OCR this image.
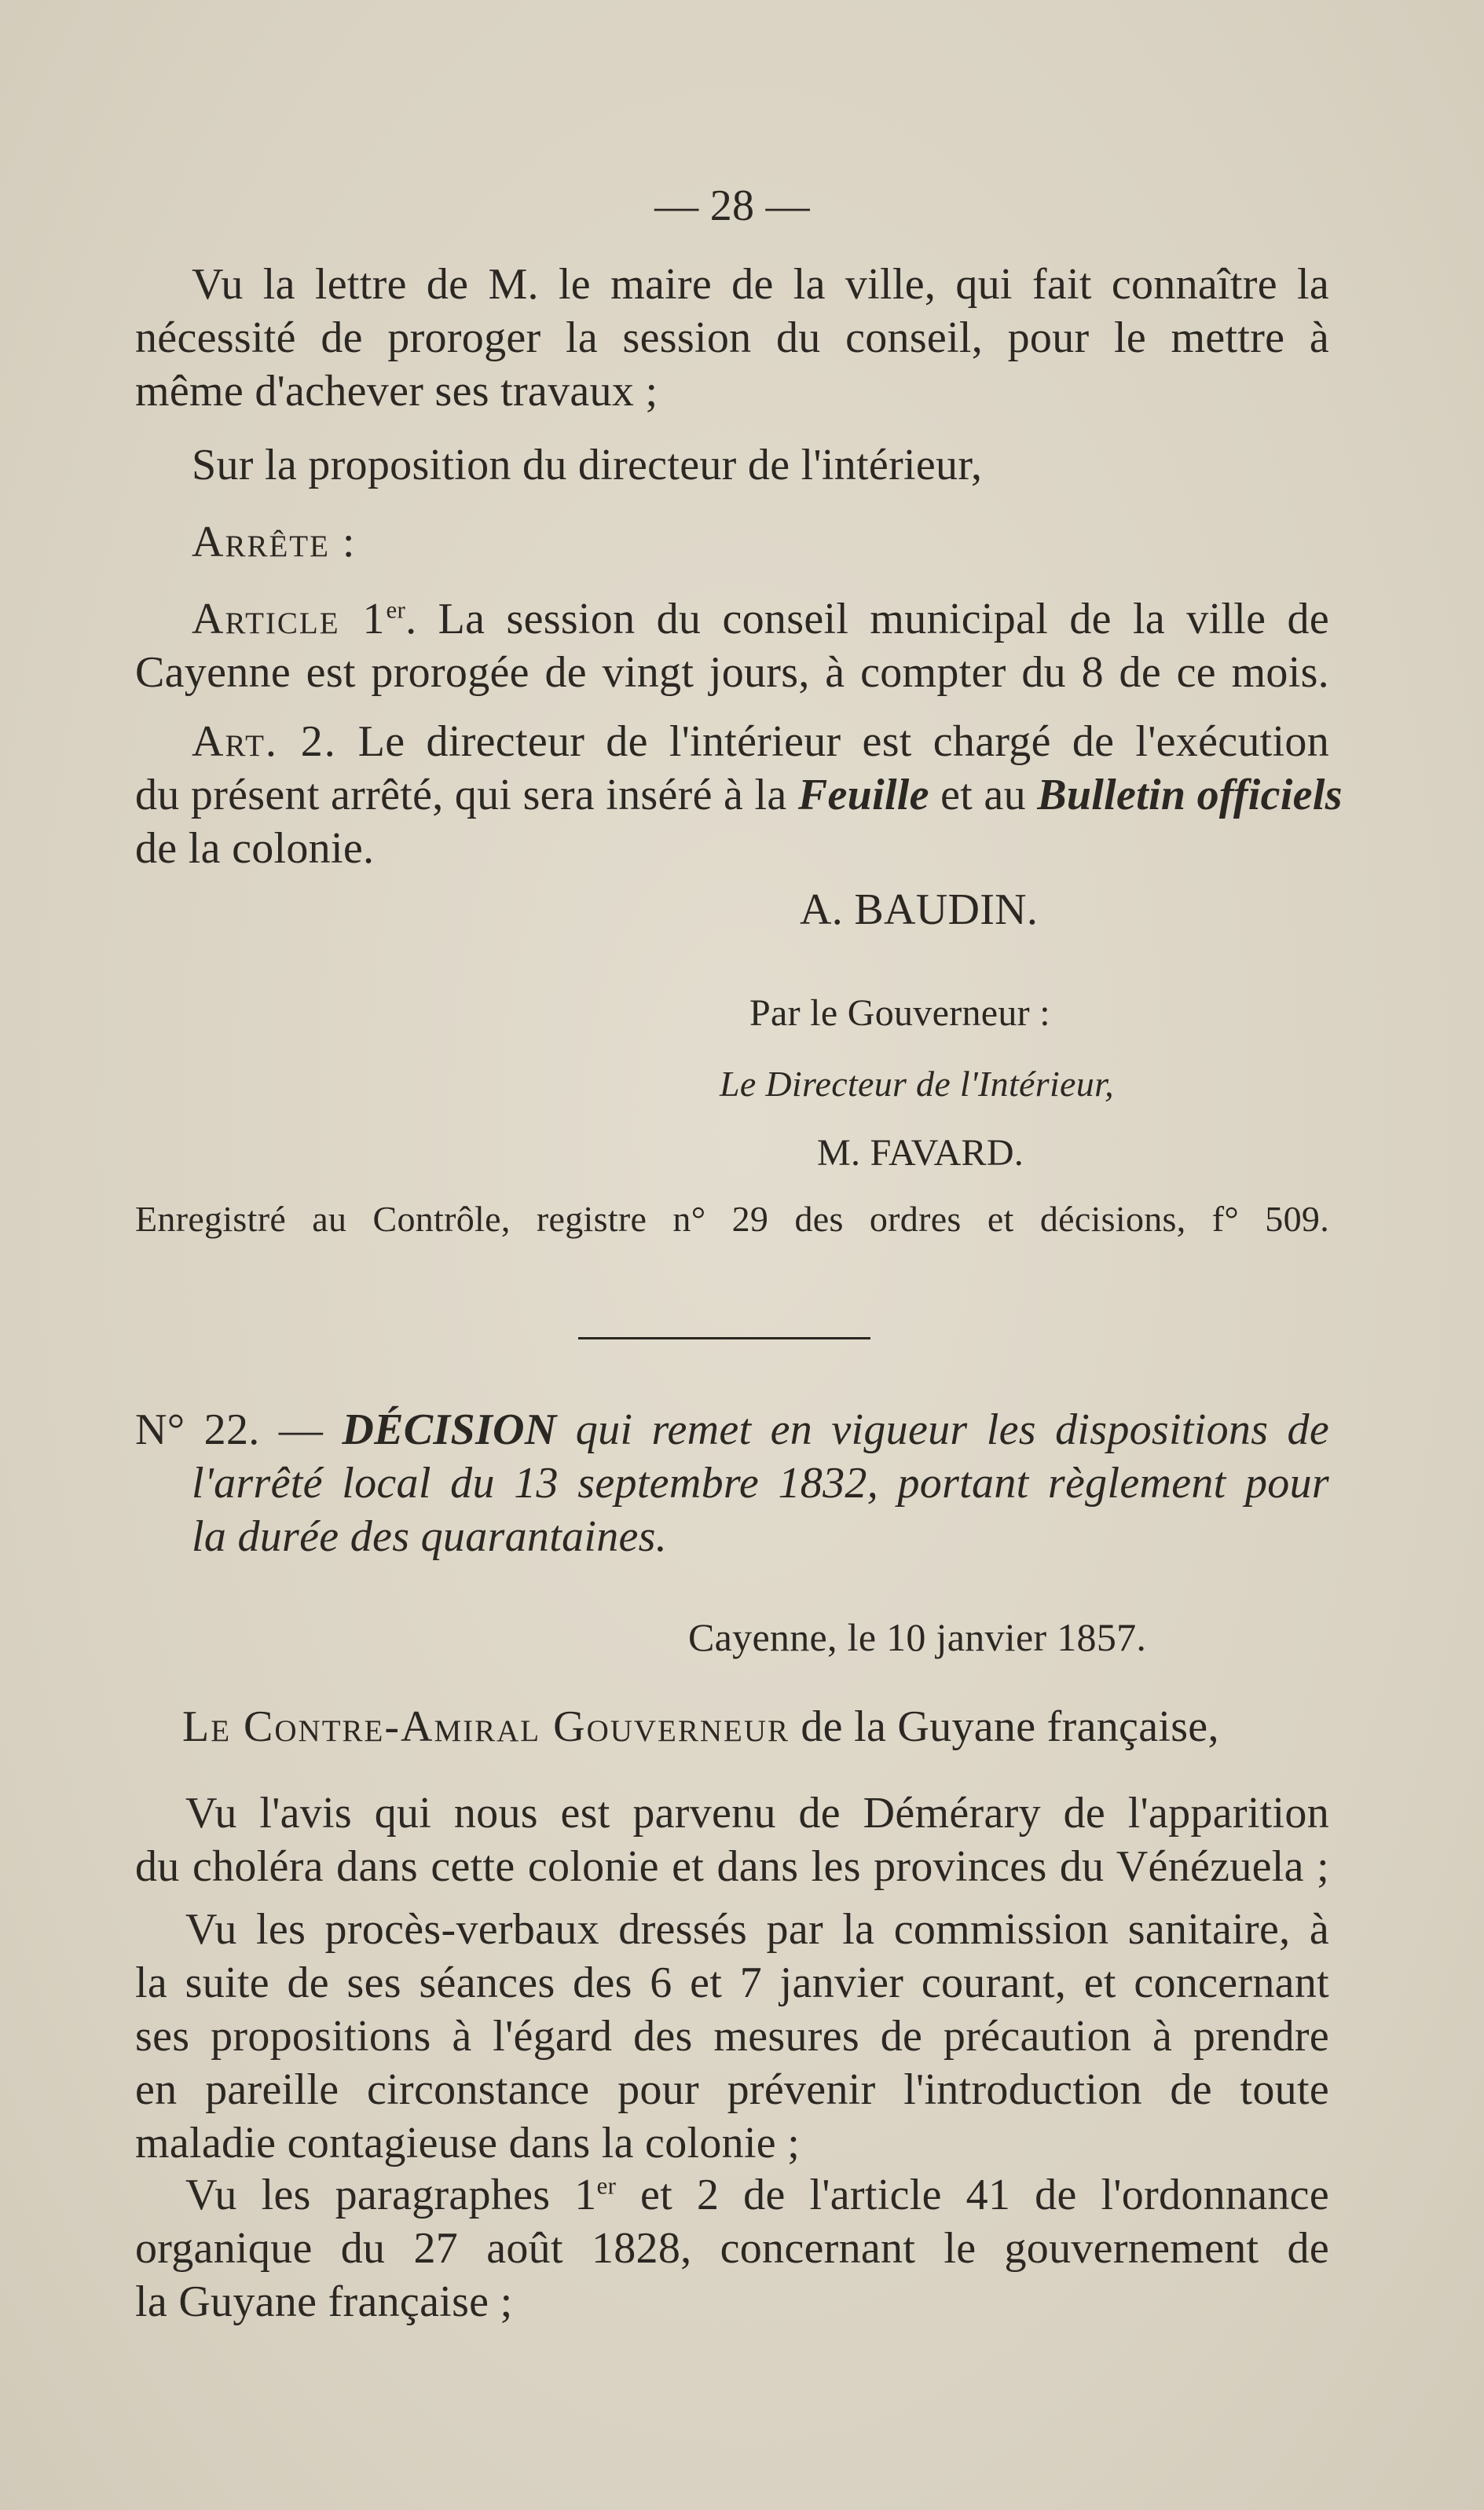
— 28 —
Vu la lettre de M. le maire de la ville, qui fait connaître la
nécessité de proroger la session du conseil, pour le mettre à
même d'achever ses travaux ;
Sur la proposition du directeur de l'intérieur,
Arrête :
Article 1er. La session du conseil municipal de la ville de
Cayenne est prorogée de vingt jours, à compter du 8 de ce mois.
Art. 2. Le directeur de l'intérieur est chargé de l'exécution
du présent arrêté, qui sera inséré à la Feuille et au Bulletin officiels
de la colonie.
A. BAUDIN.
Par le Gouverneur :
Le Directeur de l'Intérieur,
M. FAVARD.
Enregistré au Contrôle, registre n° 29 des ordres et décisions, f° 509.
N° 22. — DÉCISION qui remet en vigueur les dispositions de
l'arrêté local du 13 septembre 1832, portant règlement pour
la durée des quarantaines.
Cayenne, le 10 janvier 1857.
Le Contre-Amiral Gouverneur de la Guyane française,
Vu l'avis qui nous est parvenu de Démérary de l'apparition
du choléra dans cette colonie et dans les provinces du Vénézuela ;
Vu les procès-verbaux dressés par la commission sanitaire, à
la suite de ses séances des 6 et 7 janvier courant, et concernant
ses propositions à l'égard des mesures de précaution à prendre
en pareille circonstance pour prévenir l'introduction de toute
maladie contagieuse dans la colonie ;
Vu les paragraphes 1er et 2 de l'article 41 de l'ordonnance
organique du 27 août 1828, concernant le gouvernement de
la Guyane française ;
